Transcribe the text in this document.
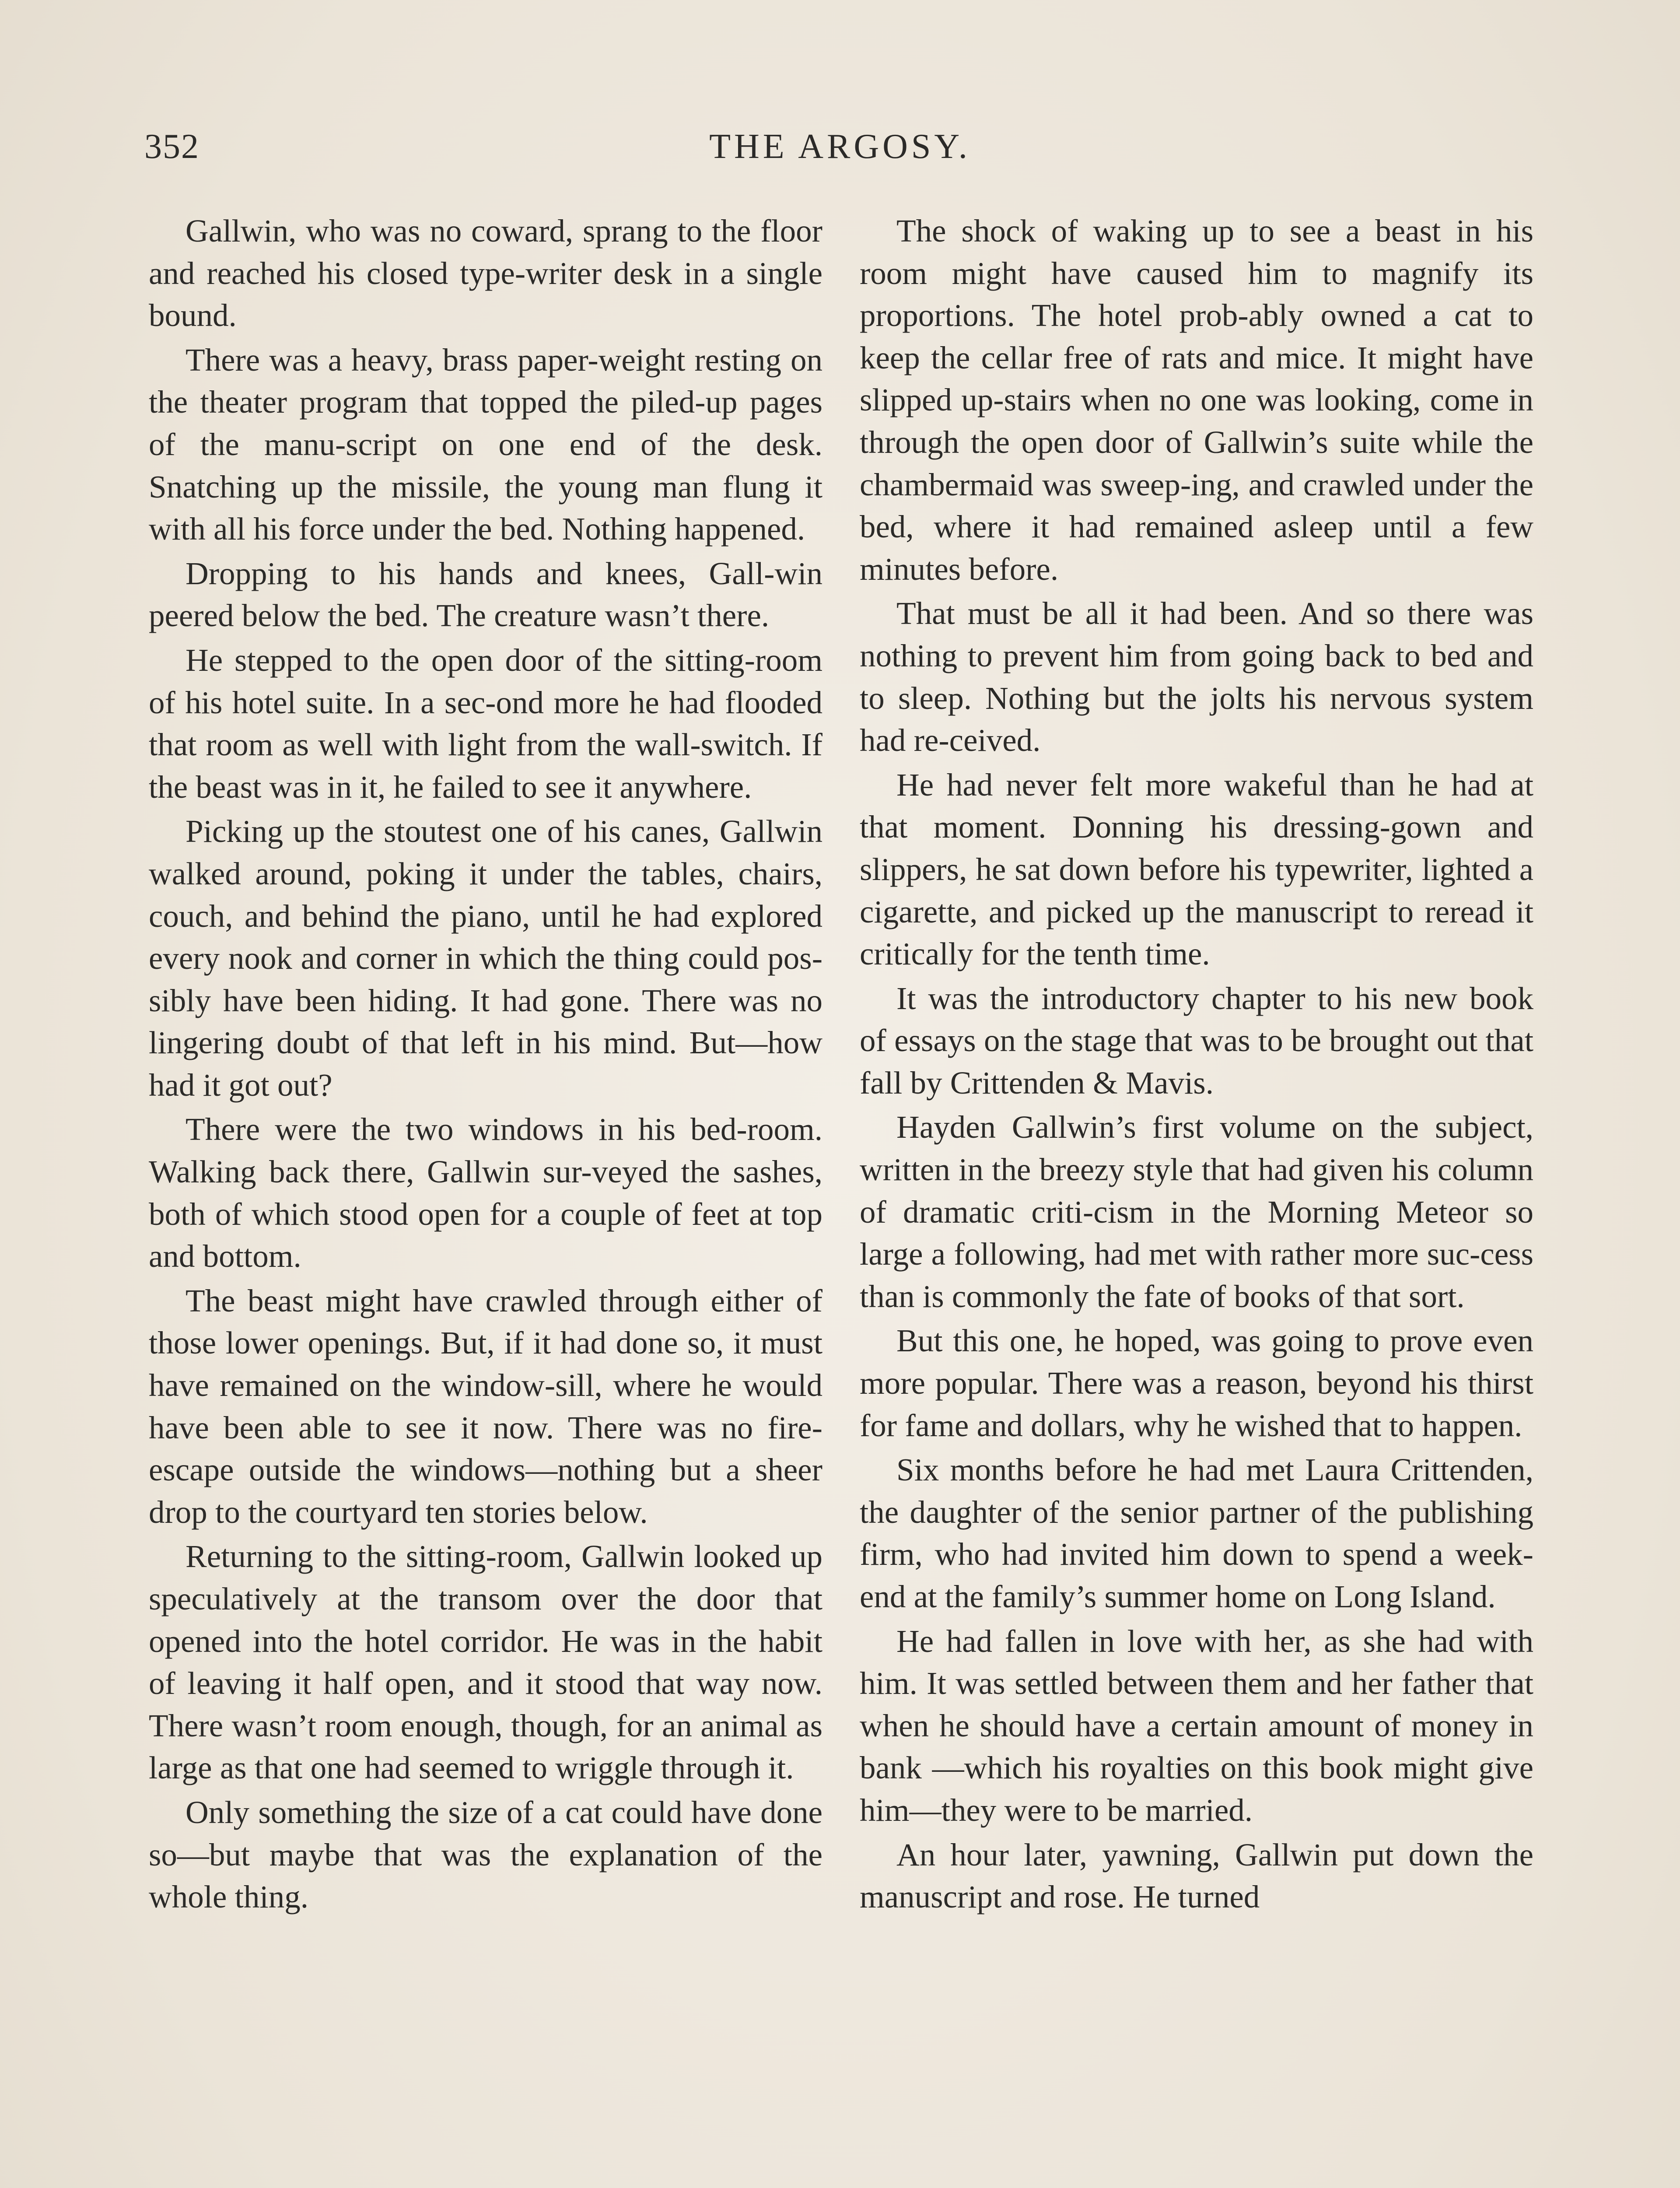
352	THE ARGOSY.

Gallwin, who was no coward, sprang to the floor and reached his closed type-writer desk in a single bound.

There was a heavy, brass paper-weight resting on the theater program that topped the piled-up pages of the manu-script on one end of the desk. Snatching up the missile, the young man flung it with all his force under the bed. Nothing happened.

Dropping to his hands and knees, Gall-win peered below the bed. The creature wasn’t there.

He stepped to the open door of the sitting-room of his hotel suite. In a sec-ond more he had flooded that room as well with light from the wall-switch. If the beast was in it, he failed to see it anywhere.

Picking up the stoutest one of his canes, Gallwin walked around, poking it under the tables, chairs, couch, and behind the piano, until he had explored every nook and corner in which the thing could pos-sibly have been hiding. It had gone. There was no lingering doubt of that left in his mind. But—how had it got out?

There were the two windows in his bed-room. Walking back there, Gallwin sur-veyed the sashes, both of which stood open for a couple of feet at top and bottom.

The beast might have crawled through either of those lower openings. But, if it had done so, it must have remained on the window-sill, where he would have been able to see it now. There was no fire-escape outside the windows—nothing but a sheer drop to the courtyard ten stories below.

Returning to the sitting-room, Gallwin looked up speculatively at the transom over the door that opened into the hotel corridor. He was in the habit of leaving it half open, and it stood that way now. There wasn’t room enough, though, for an animal as large as that one had seemed to wriggle through it.

Only something the size of a cat could have done so—but maybe that was the explanation of the whole thing.

The shock of waking up to see a beast in his room might have caused him to magnify its proportions. The hotel prob-ably owned a cat to keep the cellar free of rats and mice. It might have slipped up-stairs when no one was looking, come in through the open door of Gallwin’s suite while the chambermaid was sweep-ing, and crawled under the bed, where it had remained asleep until a few minutes before.

That must be all it had been. And so there was nothing to prevent him from going back to bed and to sleep. Nothing but the jolts his nervous system had re-ceived.

He had never felt more wakeful than he had at that moment. Donning his dressing-gown and slippers, he sat down before his typewriter, lighted a cigarette, and picked up the manuscript to reread it critically for the tenth time.

It was the introductory chapter to his new book of essays on the stage that was to be brought out that fall by Crittenden & Mavis.

Hayden Gallwin’s first volume on the subject, written in the breezy style that had given his column of dramatic criti-cism in the Morning Meteor so large a following, had met with rather more suc-cess than is commonly the fate of books of that sort.

But this one, he hoped, was going to prove even more popular. There was a reason, beyond his thirst for fame and dollars, why he wished that to happen.

Six months before he had met Laura Crittenden, the daughter of the senior partner of the publishing firm, who had invited him down to spend a week-end at the family’s summer home on Long Island.

He had fallen in love with her, as she had with him. It was settled between them and her father that when he should have a certain amount of money in bank —which his royalties on this book might give him—they were to be married.

An hour later, yawning, Gallwin put down the manuscript and rose. He turned
